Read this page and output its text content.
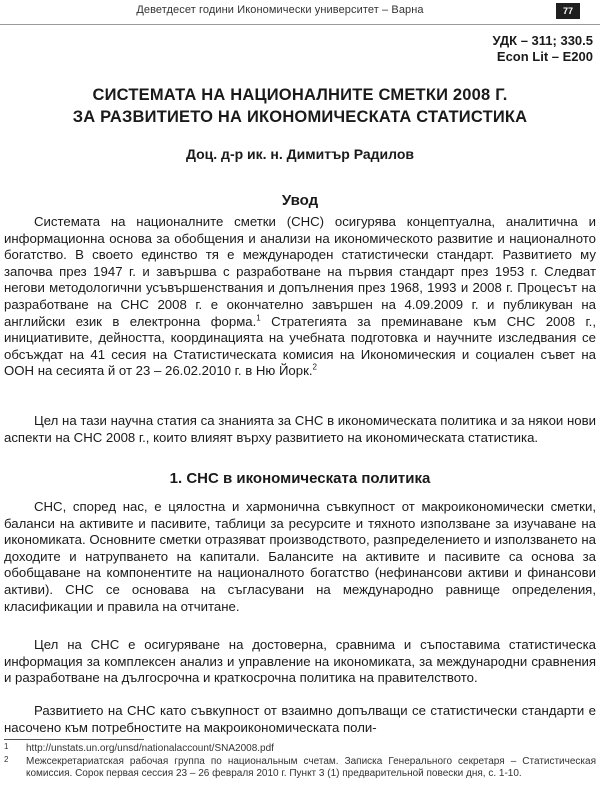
Деветдесет години Икономически университет – Варна	77
УДК – 311; 330.5
Econ Lit – E200
СИСТЕМАТА НА НАЦИОНАЛНИТЕ СМЕТКИ 2008 Г.
ЗА РАЗВИТИЕТО НА ИКОНОМИЧЕСКАТА СТАТИСТИКА
Доц. д-р ик. н. Димитър Радилов
Увод

Системата на националните сметки (СНС) осигурява концептуална, аналитична и информационна основа за обобщения и анализи на икономическото развитие и националното богатство. В своето единство тя е международен статистически стандарт. Развитието му започва през 1947 г. и завършва с разработване на първия стандарт през 1953 г. Следват негови методологични усъвършенствания и допълнения през 1968, 1993 и 2008 г. Процесът на разработване на СНС 2008 г. е окончателно завършен на 4.09.2009 г. и публикуван на английски език в електронна форма.$^1$ Стратегията за преминаване към СНС 2008 г., инициативите, дейността, координацията на учебната подготовка и научните изследвания се обсъждат на 41 сесия на Статистическата комисия на Икономическия и социален съвет на ООН на сесията й от 23 – 26.02.2010 г. в Ню Йорк.$^2$

Цел на тази научна статия са знанията за СНС в икономическата политика и за някои нови аспекти на СНС 2008 г., които влияят върху развитието на икономическата статистика.

1. СНС в икономическата политика

СНС, според нас, е цялостна и хармонична съвкупност от макроикономически сметки, баланси на активите и пасивите, таблици за ресурсите и тяхното използване за изучаване на икономиката. Основните сметки отразяват производството, разпределението и използването на доходите и натрупването на капитали. Балансите на активите и пасивите са основа за обобщаване на компонентите на националното богатство (нефинансови активи и финансови активи). СНС се основава на съгласувани на международно равнище определения, класификации и правила на отчитане.

Цел на СНС е осигуряване на достоверна, сравнима и съпоставима статистическа информация за комплексен анализ и управление на икономиката, за международни сравнения и разработване на дългосрочна и краткосрочна политика на правителството.

Развитието на СНС като съвкупност от взаимно допълващи се статистически стандарти е насочено към потребностите на макроикономическата поли-

1 http://unstats.un.org/unsd/nationalaccount/SNA2008.pdf

2 Межсекретариатская рабочая группа по национальным счетам. Записка Генерального секретаря – Статистическая комиссия. Сорок первая сессия 23 – 26 февраля 2010 г. Пункт 3 (1) предварительной повески дня, с. 1-10.
